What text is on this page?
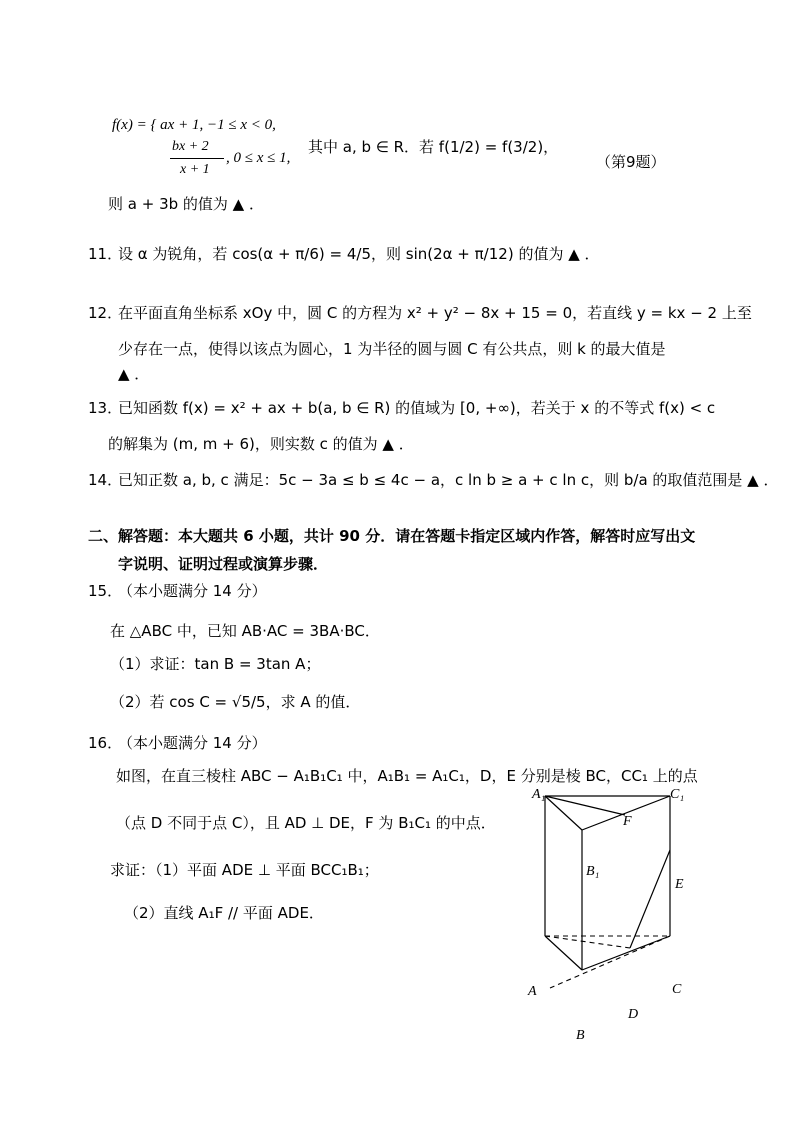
f(x) = { ax + 1, −1 ≤ x < 0,
bx + 2
x + 1
, 0 ≤ x ≤ 1,
其中 a, b ∈ R．若 f(1/2) = f(3/2)，
（第9题）
则 a + 3b 的值为 ▲ ．
11．
设 α 为锐角，若 cos(α + π/6) = 4/5，则 sin(2α + π/12) 的值为 ▲ ．
12．
在平面直角坐标系 xOy 中，圆 C 的方程为 x² + y² − 8x + 15 = 0，若直线 y = kx − 2 上至
少存在一点，使得以该点为圆心，1 为半径的圆与圆 C 有公共点，则 k 的最大值是
▲ ．
13．
已知函数 f(x) = x² + ax + b(a, b ∈ R) 的值域为 [0, +∞)，若关于 x 的不等式 f(x) < c
的解集为 (m, m + 6)，则实数 c 的值为 ▲ ．
14．
已知正数 a, b, c 满足：5c − 3a ≤ b ≤ 4c − a，c ln b ≥ a + c ln c，则 b/a 的取值范围是 ▲ ．
二、解答题：本大题共 6 小题，共计 90 分．请在答题卡指定区域内作答，解答时应写出文
字说明、证明过程或演算步骤．
15．
（本小题满分 14 分）
在 △ABC 中，已知 AB·AC = 3BA·BC．
（1）求证：tan B = 3tan A；
（2）若 cos C = √5/5，求 A 的值．
16．
（本小题满分 14 分）
如图，在直三棱柱 ABC − A₁B₁C₁ 中，A₁B₁ = A₁C₁，D，E 分别是棱 BC，CC₁ 上的点
（点 D 不同于点 C），且 AD ⊥ DE，F 为 B₁C₁ 的中点．
求证：（1）平面 ADE ⊥ 平面 BCC₁B₁；
（2）直线 A₁F // 平面 ADE．
A₁	C₁
F
B₁
E
A	C
D
B
